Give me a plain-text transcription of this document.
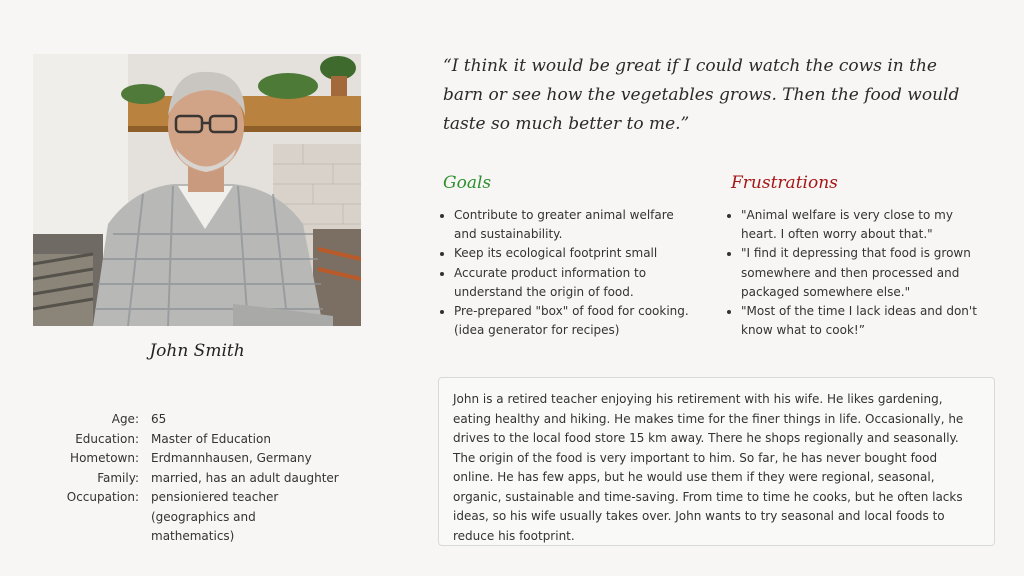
John Smith
Age: 65
Education: Master of Education
Hometown: Erdmannhausen, Germany
Family: married, has an adult daughter
Occupation: pensioniered teacher (geographics and mathematics)
“I think it would be great if I could watch the cows in the barn or see how the vegetables grows. Then the food would taste so much better to me.”
Goals
• Contribute to greater animal welfare and sustainability.
• Keep its ecological footprint small
• Accurate product information to understand the origin of food.
• Pre-prepared "box" of food for cooking. (idea generator for recipes)
Frustrations
• "Animal welfare is very close to my heart. I often worry about that."
• "I find it depressing that food is grown somewhere and then processed and packaged somewhere else."
• "Most of the time I lack ideas and don't know what to cook!”
John is a retired teacher enjoying his retirement with his wife. He likes gardening, eating healthy and hiking. He makes time for the finer things in life. Occasionally, he drives to the local food store 15 km away. There he shops regionally and seasonally. The origin of the food is very important to him. So far, he has never bought food online. He has few apps, but he would use them if they were regional, seasonal, organic, sustainable and time-saving. From time to time he cooks, but he often lacks ideas, so his wife usually takes over. John wants to try seasonal and local foods to reduce his footprint.
